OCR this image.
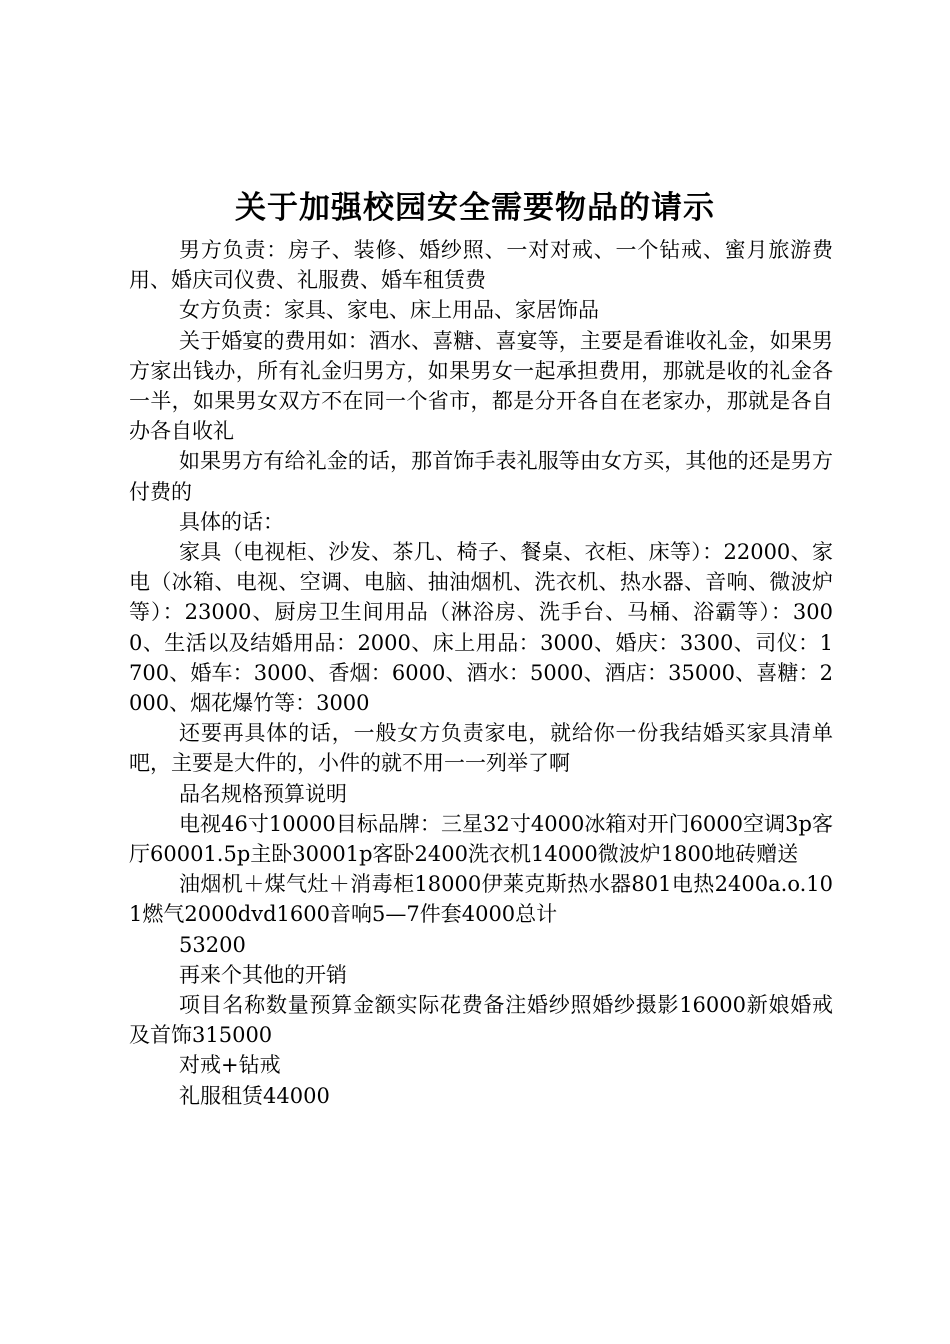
关于加强校园安全需要物品的请示

男方负责：房子、装修、婚纱照、一对对戒、一个钻戒、蜜月旅游费用、婚庆司仪费、礼服费、婚车租赁费

女方负责：家具、家电、床上用品、家居饰品

关于婚宴的费用如：酒水、喜糖、喜宴等，主要是看谁收礼金，如果男方家出钱办，所有礼金归男方，如果男女一起承担费用，那就是收的礼金各一半，如果男女双方不在同一个省市，都是分开各自在老家办，那就是各自办各自收礼

如果男方有给礼金的话，那首饰手表礼服等由女方买，其他的还是男方付费的

具体的话：

家具（电视柜、沙发、茶几、椅子、餐桌、衣柜、床等）：22000、家电（冰箱、电视、空调、电脑、抽油烟机、洗衣机、热水器、音响、微波炉等）：23000、厨房卫生间用品（淋浴房、洗手台、马桶、浴霸等）：3000、生活以及结婚用品：2000、床上用品：3000、婚庆：3300、司仪：1700、婚车：3000、香烟：6000、酒水：5000、酒店：35000、喜糖：2000、烟花爆竹等：3000

还要再具体的话，一般女方负责家电，就给你一份我结婚买家具清单吧，主要是大件的，小件的就不用一一列举了啊

品名规格预算说明

电视46寸10000目标品牌：三星32寸4000冰箱对开门6000空调3p客厅60001.5p主卧30001p客卧2400洗衣机14000微波炉1800地砖赠送

油烟机＋煤气灶＋消毒柜18000伊莱克斯热水器801电热2400a.o.101燃气2000dvd1600音响5—7件套4000总计

53200

再来个其他的开销

项目名称数量预算金额实际花费备注婚纱照婚纱摄影16000新娘婚戒及首饰315000

对戒+钻戒

礼服租赁44000
